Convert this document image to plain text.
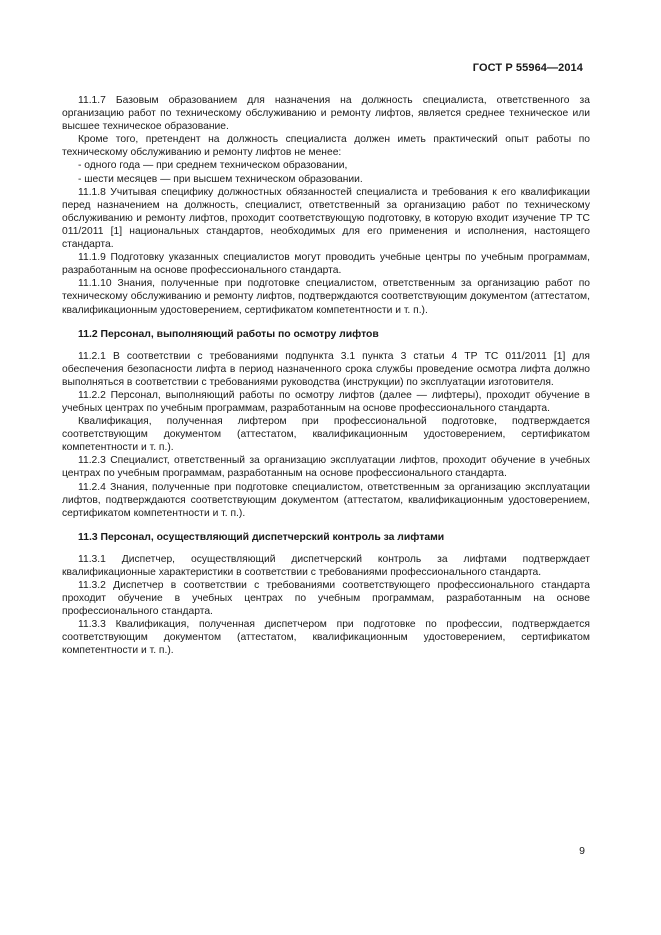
ГОСТ Р 55964—2014

11.1.7 Базовым образованием для назначения на должность специалиста, ответственного за организацию работ по техническому обслуживанию и ремонту лифтов, является среднее техническое или высшее техническое образование.

Кроме того, претендент на должность специалиста должен иметь практический опыт работы по техническому обслуживанию и ремонту лифтов не менее:

- одного года — при среднем техническом образовании,

- шести месяцев — при высшем техническом образовании.

11.1.8 Учитывая специфику должностных обязанностей специалиста и требования к его квалификации перед назначением на должность, специалист, ответственный за организацию работ по техническому обслуживанию и ремонту лифтов, проходит соответствующую подготовку, в которую входит изучение ТР ТС 011/2011 [1] национальных стандартов, необходимых для его применения и исполнения, настоящего стандарта.

11.1.9 Подготовку указанных специалистов могут проводить учебные центры по учебным программам, разработанным на основе профессионального стандарта.

11.1.10 Знания, полученные при подготовке специалистом, ответственным за организацию работ по техническому обслуживанию и ремонту лифтов, подтверждаются соответствующим документом (аттестатом, квалификационным удостоверением, сертификатом компетентности и т. п.).

11.2 Персонал, выполняющий работы по осмотру лифтов

11.2.1 В соответствии с требованиями подпункта 3.1 пункта 3 статьи 4 ТР ТС 011/2011 [1] для обеспечения безопасности лифта в период назначенного срока службы проведение осмотра лифта должно выполняться в соответствии с требованиями руководства (инструкции) по эксплуатации изготовителя.

11.2.2 Персонал, выполняющий работы по осмотру лифтов (далее — лифтеры), проходит обучение в учебных центрах по учебным программам, разработанным на основе профессионального стандарта.

Квалификация, полученная лифтером при профессиональной подготовке, подтверждается соответствующим документом (аттестатом, квалификационным удостоверением, сертификатом компетентности и т. п.).

11.2.3 Специалист, ответственный за организацию эксплуатации лифтов, проходит обучение в учебных центрах по учебным программам, разработанным на основе профессионального стандарта.

11.2.4 Знания, полученные при подготовке специалистом, ответственным за организацию эксплуатации лифтов, подтверждаются соответствующим документом (аттестатом, квалификационным удостоверением, сертификатом компетентности и т. п.).

11.3 Персонал, осуществляющий диспетчерский контроль за лифтами

11.3.1 Диспетчер, осуществляющий диспетчерский контроль за лифтами подтверждает квалификационные характеристики в соответствии с требованиями профессионального стандарта.

11.3.2 Диспетчер в соответствии с требованиями соответствующего профессионального стандарта проходит обучение в учебных центрах по учебным программам, разработанным на основе профессионального стандарта.

11.3.3 Квалификация, полученная диспетчером при подготовке по профессии, подтверждается соответствующим документом (аттестатом, квалификационным удостоверением, сертификатом компетентности и т. п.).

9
